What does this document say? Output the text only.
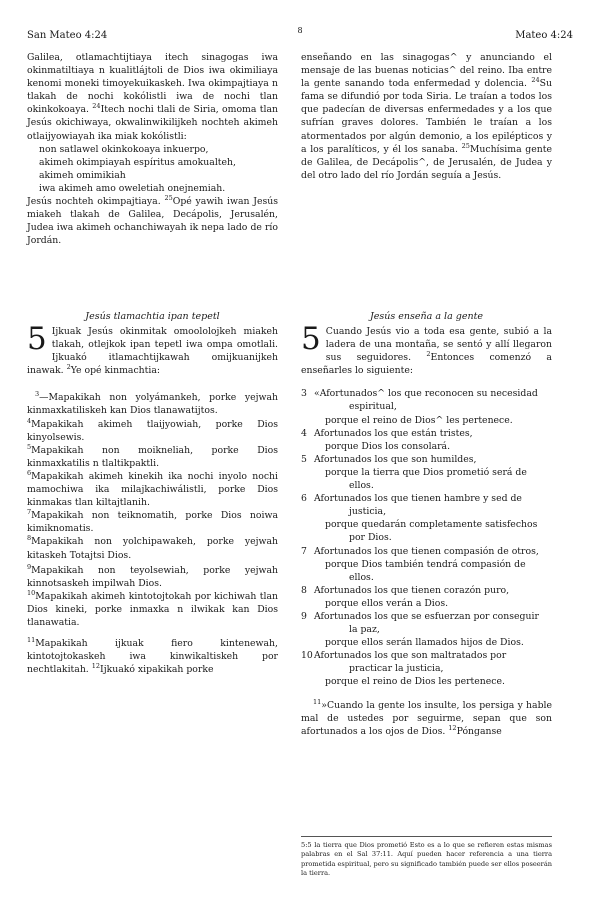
San Mateo 4:24	8	Mateo 4:24

Galilea, otlamachtijtiaya itech sinagogas iwa okinmatiltiaya n kualitlájtoli de Dios iwa okimiliaya kenomi moneki timoyekuikaskeh. Iwa okimpajtiaya n tlakah de nochi kokólistli iwa de nochi tlan okinkokoaya. $^{24}$Itech nochi tlali de Siria, omoma tlan Jesús okichiwaya, okwalinwikilijkeh nochteh akimeh otlaijyowiayah ika miak kokólistli:

non satlawel okinkokoaya inkuerpo,

akimeh okimpiayah espíritus amokualteh,

akimeh omimikiah

iwa akimeh amo oweletiah onejnemiah.

Jesús nochteh okimpajtiaya. $^{25}$Opé yawih iwan Jesús miakeh tlakah de Galilea, Decápolis, Jerusalén, Judea iwa akimeh ochanchiwayah ik nepa lado de río Jordán.

enseñando en las sinagogas^ y anunciando el mensaje de las buenas noticias^ del reino. Iba entre la gente sanando toda enfermedad y dolencia. $^{24}$Su fama se difundió por toda Siria. Le traían a todos los que padecían de diversas enfermedades y a los que sufrían graves dolores. También le traían a los atormentados por algún demonio, a los epilépticos y a los paralíticos, y él los sanaba. $^{25}$Muchísima gente de Galilea, de Decápolis^, de Jerusalén, de Judea y del otro lado del río Jordán seguía a Jesús.

Jesús tlamachtia ipan tepetl	Jesús enseña a la gente

5 Ijkuak Jesús okinmitak omoololojkeh miakeh tlakah, otlejkok ipan tepetl iwa ompa omotlali. Ijkuakó itlamachtijkawah omijkuanijkeh inawak. $^2$Ye opé kinmachtia:

$^3$—Mapakikah non yolyámankeh, porke yejwah kinmaxkatiliskeh kan Dios tlanawatijtos.

$^4$Mapakikah akimeh tlaijyowiah, porke Dios kinyolsewis.

$^5$Mapakikah non moikneliah, porke Dios kinmaxkatilis n tlaltikpaktli.

$^6$Mapakikah akimeh kinekih ika nochi inyolo nochi mamochiwa ika milajkachiwálistli, porke Dios kinmakas tlan kiltajtlanih.

$^7$Mapakikah non teiknomatih, porke Dios noiwa kimiknomatis.

$^8$Mapakikah non yolchipawakeh, porke yejwah kitaskeh Totajtsi Dios.

$^9$Mapakikah non teyolsewiah, porke yejwah kinnotsaskeh impilwah Dios.

$^{10}$Mapakikah akimeh kintotojtokah por kichiwah tlan Dios kineki, porke inmaxka n ilwikak kan Dios tlanawatia.

$^{11}$Mapakikah ijkuak fiero kintenewah, kintotojtokaskeh iwa kinwikaltiskeh por nechtlakitah. $^{12}$Ijkuakó xipakikah porke

5 Cuando Jesús vio a toda esa gente, subió a la ladera de una montaña, se sentó y allí llegaron sus seguidores. $^2$Entonces comenzó a enseñarles lo siguiente:

3 «Afortunados^ los que reconocen su necesidad
espiritual,
porque el reino de Dios^ les pertenece.
4 Afortunados los que están tristes,
porque Dios los consolará.
5 Afortunados los que son humildes,
porque la tierra que Dios prometió será de
ellos.
6 Afortunados los que tienen hambre y sed de
justicia,
porque quedarán completamente satisfechos
por Dios.
7 Afortunados los que tienen compasión de otros,
porque Dios también tendrá compasión de
ellos.
8 Afortunados los que tienen corazón puro,
porque ellos verán a Dios.
9 Afortunados los que se esfuerzan por conseguir
la paz,
porque ellos serán llamados hijos de Dios.
10 Afortunados los que son maltratados por
practicar la justicia,
porque el reino de Dios les pertenece.

$^{11}$»Cuando la gente los insulte, los persiga y hable mal de ustedes por seguirme, sepan que son afortunados a los ojos de Dios. $^{12}$Pónganse

5:5 la tierra que Dios prometió Esto es a lo que se refieren estas mismas palabras en el Sal 37:11. Aquí pueden hacer referencia a una tierra prometida espiritual, pero su significado también puede ser ellos poseerán la tierra.
